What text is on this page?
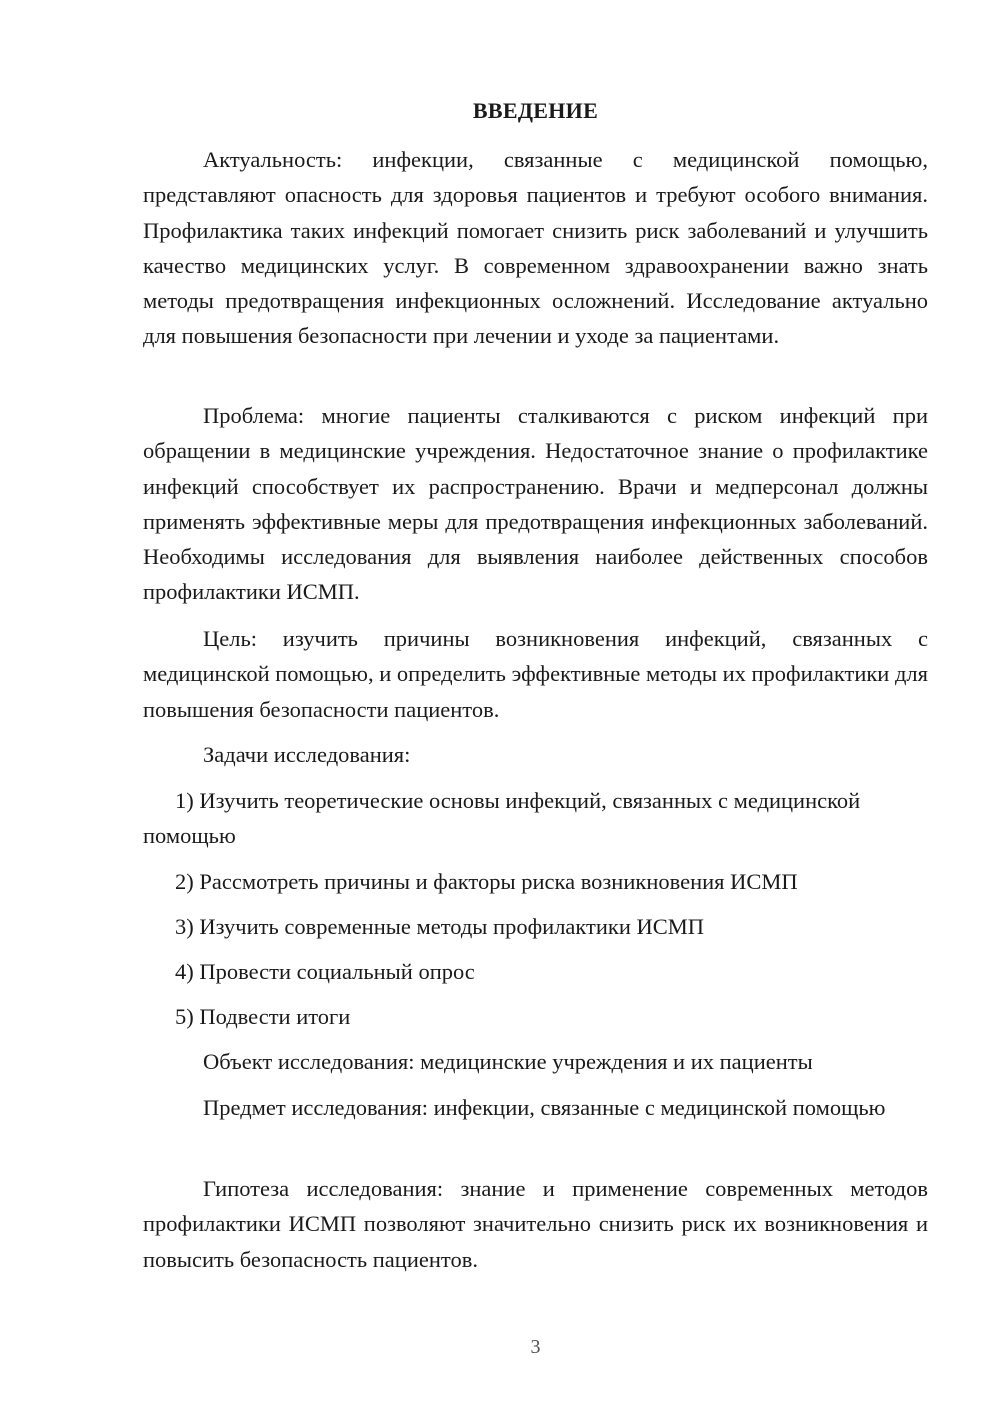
ВВЕДЕНИЕ

Актуальность: инфекции, связанные с медицинской помощью, представляют опасность для здоровья пациентов и требуют особого внимания. Профилактика таких инфекций помогает снизить риск заболеваний и улучшить качество медицинских услуг. В современном здравоохранении важно знать методы предотвращения инфекционных осложнений. Исследование актуально для повышения безопасности при лечении и уходе за пациентами.

Проблема: многие пациенты сталкиваются с риском инфекций при обращении в медицинские учреждения. Недостаточное знание о профилактике инфекций способствует их распространению. Врачи и медперсонал должны применять эффективные меры для предотвращения инфекционных заболеваний. Необходимы исследования для выявления наиболее действенных способов профилактики ИСМП.

Цель: изучить причины возникновения инфекций, связанных с медицинской помощью, и определить эффективные методы их профилактики для повышения безопасности пациентов.

Задачи исследования:

1) Изучить теоретические основы инфекций, связанных с медицинской помощью

2) Рассмотреть причины и факторы риска возникновения ИСМП

3) Изучить современные методы профилактики ИСМП

4) Провести социальный опрос

5) Подвести итоги

Объект исследования: медицинские учреждения и их пациенты

Предмет исследования: инфекции, связанные с медицинской помощью

Гипотеза исследования: знание и применение современных методов профилактики ИСМП позволяют значительно снизить риск их возникновения и повысить безопасность пациентов.

3
